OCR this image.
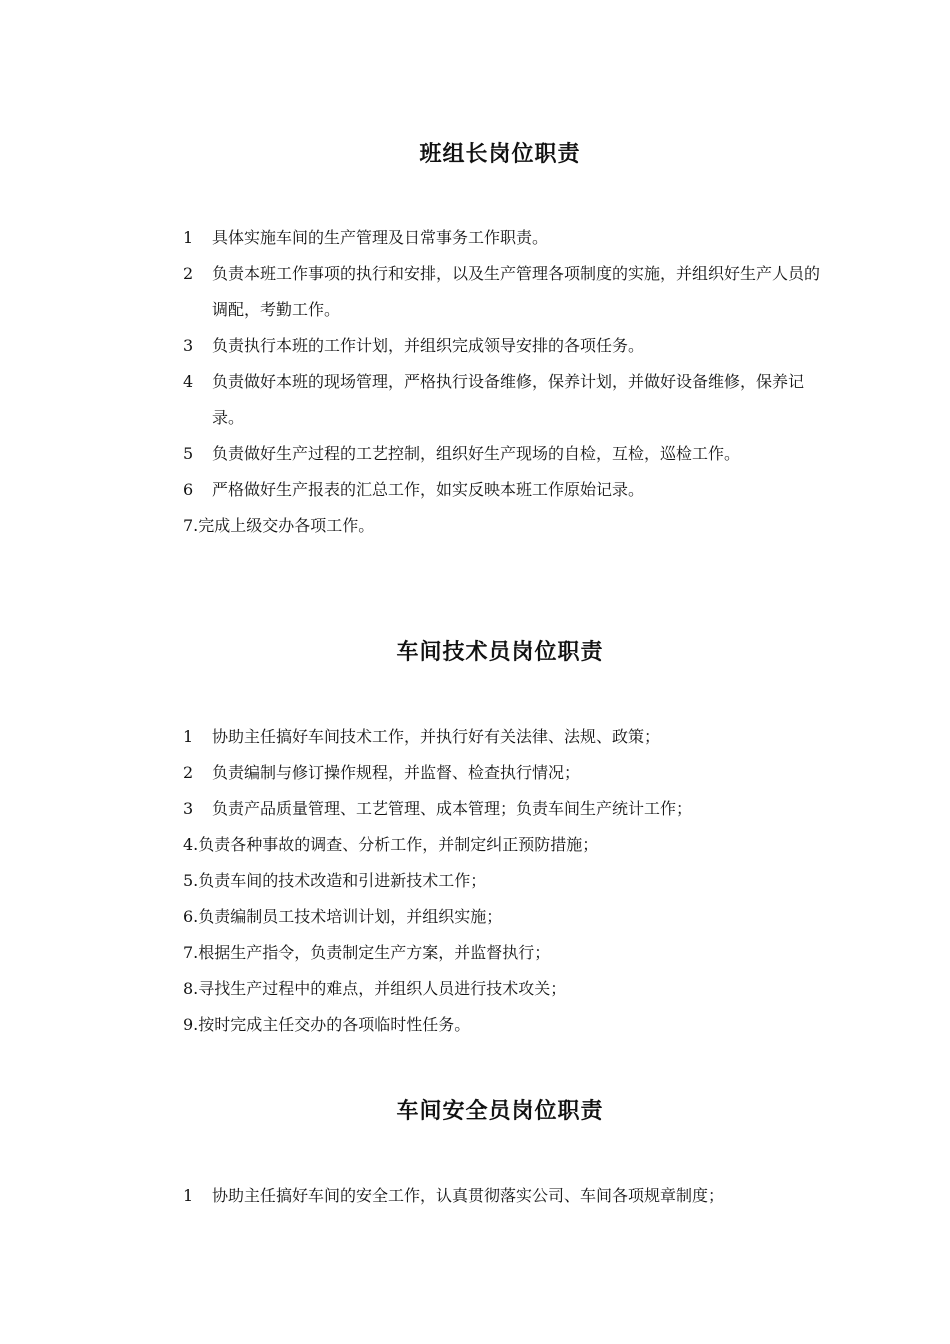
班组长岗位职责
1	具体实施车间的生产管理及日常事务工作职责。
2	负责本班工作事项的执行和安排，以及生产管理各项制度的实施，并组织好生产人员的调配，考勤工作。
3	负责执行本班的工作计划，并组织完成领导安排的各项任务。
4	负责做好本班的现场管理，严格执行设备维修，保养计划，并做好设备维修，保养记录。
5	负责做好生产过程的工艺控制，组织好生产现场的自检，互检，巡检工作。
6	严格做好生产报表的汇总工作，如实反映本班工作原始记录。
7. 完成上级交办各项工作。
车间技术员岗位职责
1	协助主任搞好车间技术工作，并执行好有关法律、法规、政策；
2	负责编制与修订操作规程，并监督、检查执行情况；
3	负责产品质量管理、工艺管理、成本管理；负责车间生产统计工作；
4. 负责各种事故的调查、分析工作，并制定纠正预防措施；
5. 负责车间的技术改造和引进新技术工作；
6. 负责编制员工技术培训计划，并组织实施；
7. 根据生产指令，负责制定生产方案，并监督执行；
8. 寻找生产过程中的难点，并组织人员进行技术攻关；
9. 按时完成主任交办的各项临时性任务。
车间安全员岗位职责
1	协助主任搞好车间的安全工作，认真贯彻落实公司、车间各项规章制度；
